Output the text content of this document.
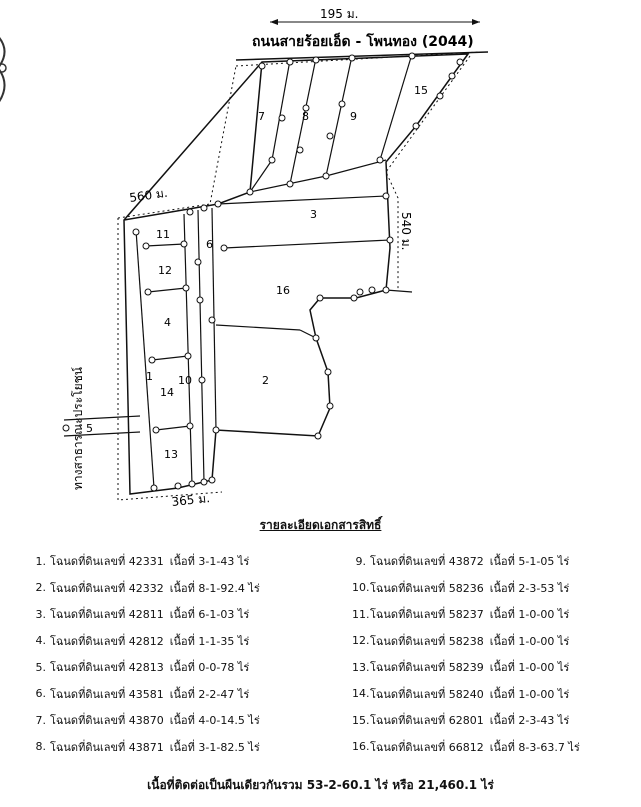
195 ม.
ถนนสายร้อยเอ็ด - โพนทอง (2044)
ทางสาธารณะประโยชน์
560 ม.
540 ม.
365 ม.
1	2
3
4
5
6
7	8	9
10
11
12
13
14
15
16
รายละเอียดเอกสารสิทธิ์
1. โฉนดที่ดินเลขที่ 42331 เนื้อที่ 3-1-43 ไร่
2. โฉนดที่ดินเลขที่ 42332 เนื้อที่ 8-1-92.4 ไร่
3. โฉนดที่ดินเลขที่ 42811 เนื้อที่ 6-1-03 ไร่
4. โฉนดที่ดินเลขที่ 42812 เนื้อที่ 1-1-35 ไร่
5. โฉนดที่ดินเลขที่ 42813 เนื้อที่ 0-0-78 ไร่
6. โฉนดที่ดินเลขที่ 43581 เนื้อที่ 2-2-47 ไร่
7. โฉนดที่ดินเลขที่ 43870 เนื้อที่ 4-0-14.5 ไร่
8. โฉนดที่ดินเลขที่ 43871 เนื้อที่ 3-1-82.5 ไร่
9. โฉนดที่ดินเลขที่ 43872 เนื้อที่ 5-1-05 ไร่
10. โฉนดที่ดินเลขที่ 58236 เนื้อที่ 2-3-53 ไร่
11. โฉนดที่ดินเลขที่ 58237 เนื้อที่ 1-0-00 ไร่
12. โฉนดที่ดินเลขที่ 58238 เนื้อที่ 1-0-00 ไร่
13. โฉนดที่ดินเลขที่ 58239 เนื้อที่ 1-0-00 ไร่
14. โฉนดที่ดินเลขที่ 58240 เนื้อที่ 1-0-00 ไร่
15. โฉนดที่ดินเลขที่ 62801 เนื้อที่ 2-3-43 ไร่
16. โฉนดที่ดินเลขที่ 66812 เนื้อที่ 8-3-63.7 ไร่
เนื้อที่ติดต่อเป็นผืนเดียวกันรวม 53-2-60.1 ไร่ หรือ 21,460.1 ไร่
